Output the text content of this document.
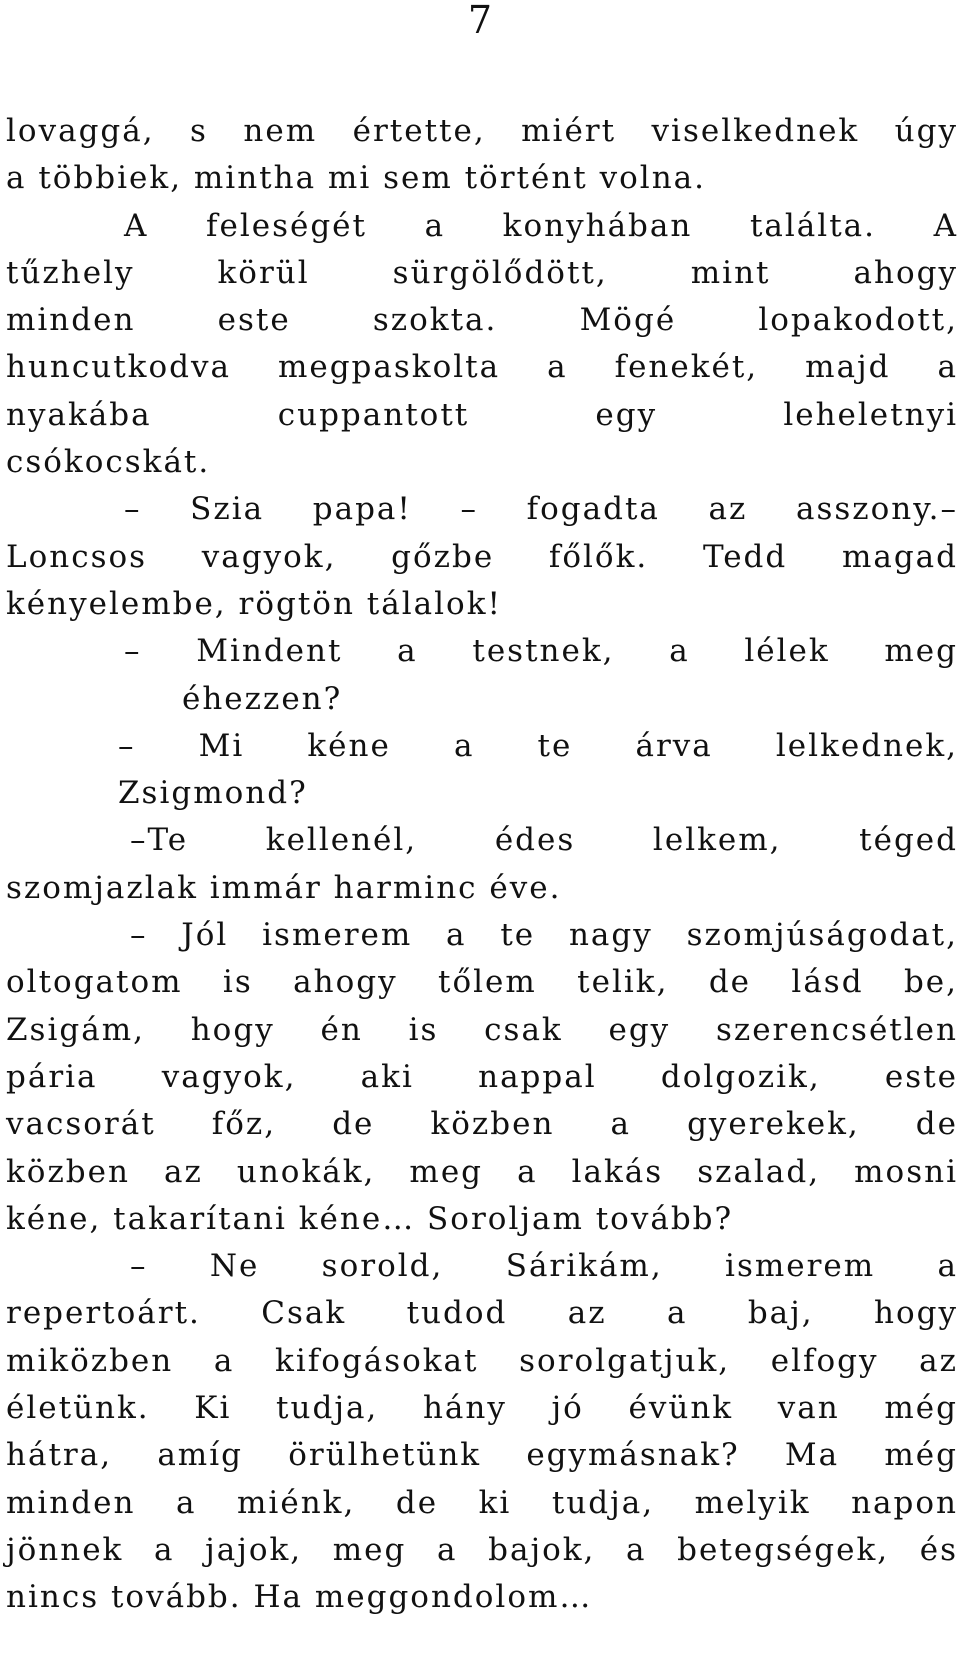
7
lovaggá, s nem értette, miért viselkednek úgy
a többiek, mintha mi sem történt volna.
A feleségét a konyhában találta. A
tűzhely körül sürgölődött, mint ahogy
minden este szokta. Mögé lopakodott,
huncutkodva megpaskolta a fenekét, majd a
nyakába cuppantott egy leheletnyi
csókocskát.
– Szia papa! – fogadta az asszony.–
Loncsos vagyok, gőzbe főlők. Tedd magad
kényelembe, rögtön tálalok!
– Mindent a testnek, a lélek meg
éhezzen?
– Mi kéne a te árva lelkednek,
Zsigmond?
–Te kellenél, édes lelkem, téged
szomjazlak immár harminc éve.
– Jól ismerem a te nagy szomjúságodat,
oltogatom is ahogy tőlem telik, de lásd be,
Zsigám, hogy én is csak egy szerencsétlen
pária vagyok, aki nappal dolgozik, este
vacsorát főz, de közben a gyerekek, de
közben az unokák, meg a lakás szalad, mosni
kéne, takarítani kéne… Soroljam tovább?
– Ne sorold, Sárikám, ismerem a
repertoárt. Csak tudod az a baj, hogy
miközben a kifogásokat sorolgatjuk, elfogy az
életünk. Ki tudja, hány jó évünk van még
hátra, amíg örülhetünk egymásnak? Ma még
minden a miénk, de ki tudja, melyik napon
jönnek a jajok, meg a bajok, a betegségek, és
nincs tovább. Ha meggondolom…
